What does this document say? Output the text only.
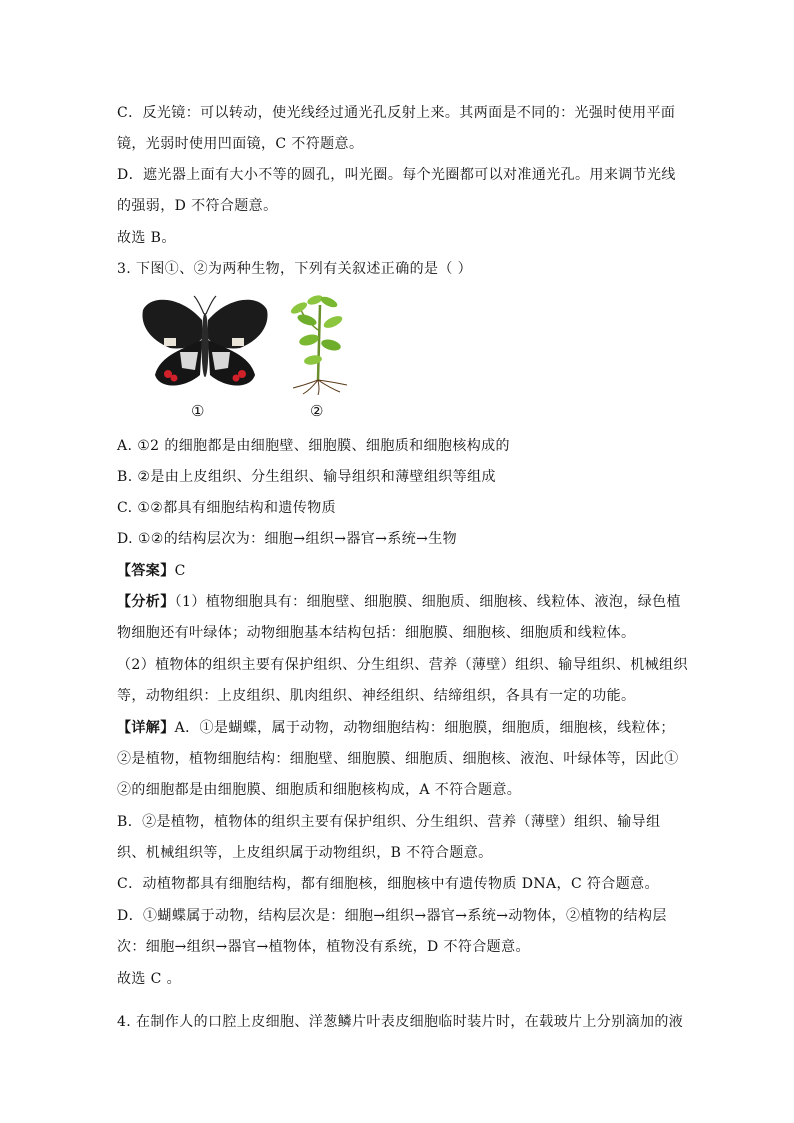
C．反光镜：可以转动，使光线经过通光孔反射上来。其两面是不同的：光强时使用平面
镜，光弱时使用凹面镜，C 不符题意。
D．遮光器上面有大小不等的圆孔，叫光圈。每个光圈都可以对准通光孔。用来调节光线
的强弱，D 不符合题意。
故选 B。
3. 下图①、②为两种生物，下列有关叙述正确的是（ ）
①	②
A. ①2 的细胞都是由细胞壁、细胞膜、细胞质和细胞核构成的
B. ②是由上皮组织、分生组织、输导组织和薄壁组织等组成
C. ①②都具有细胞结构和遗传物质
D. ①②的结构层次为：细胞→组织→器官→系统→生物
【答案】C
【分析】（1）植物细胞具有：细胞壁、细胞膜、细胞质、细胞核、线粒体、液泡，绿色植
物细胞还有叶绿体；动物细胞基本结构包括：细胞膜、细胞核、细胞质和线粒体。
（2）植物体的组织主要有保护组织、分生组织、营养（薄壁）组织、输导组织、机械组织
等，动物组织：上皮组织、肌肉组织、神经组织、结缔组织，各具有一定的功能。
【详解】A．①是蝴蝶，属于动物，动物细胞结构：细胞膜，细胞质，细胞核，线粒体；
②是植物，植物细胞结构：细胞壁、细胞膜、细胞质、细胞核、液泡、叶绿体等，因此①
②的细胞都是由细胞膜、细胞质和细胞核构成，A 不符合题意。
B．②是植物，植物体的组织主要有保护组织、分生组织、营养（薄壁）组织、输导组
织、机械组织等，上皮组织属于动物组织，B 不符合题意。
C．动植物都具有细胞结构，都有细胞核，细胞核中有遗传物质 DNA，C 符合题意。
D．①蝴蝶属于动物，结构层次是：细胞→组织→器官→系统→动物体，②植物的结构层
次：细胞→组织→器官→植物体，植物没有系统，D 不符合题意。
故选 C 。
4. 在制作人的口腔上皮细胞、洋葱鳞片叶表皮细胞临时装片时，在载玻片上分别滴加的液
